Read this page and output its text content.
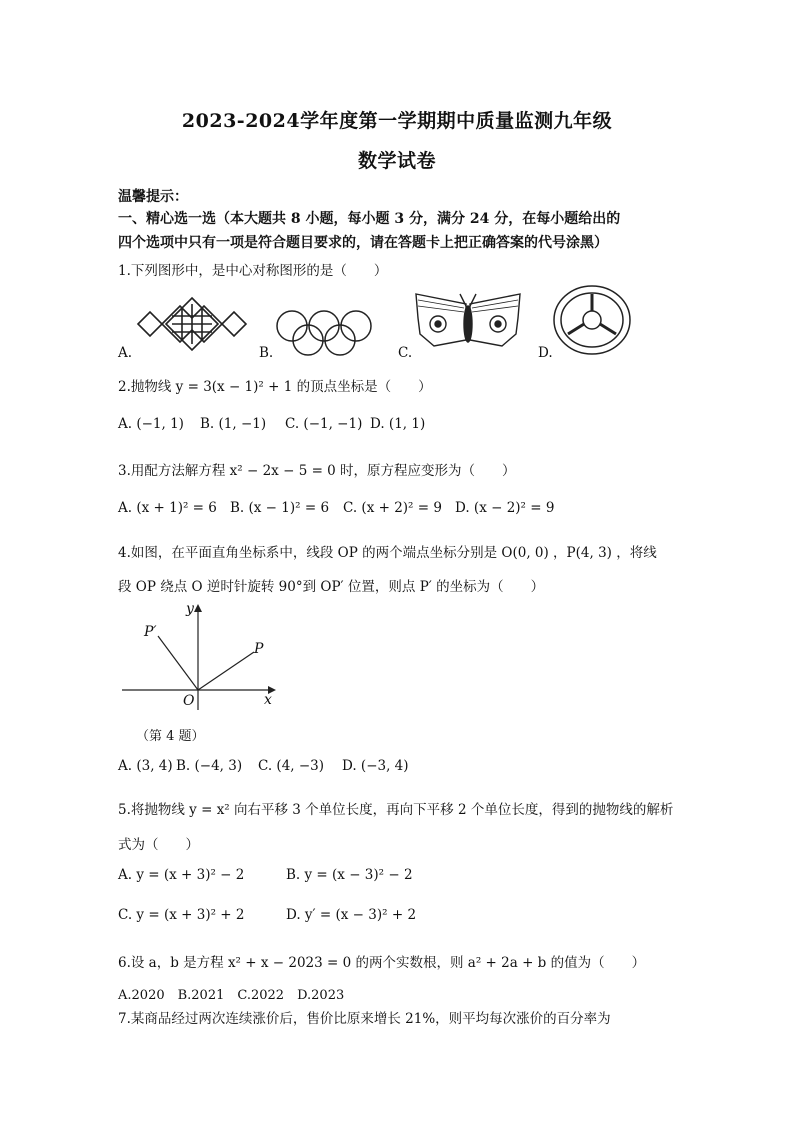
2023-2024学年度第一学期期中质量监测九年级
数学试卷
温馨提示：
一、精心选一选（本大题共 8 小题，每小题 3 分，满分 24 分，在每小题给出的
四个选项中只有一项是符合题目要求的，请在答题卡上把正确答案的代号涂黑）
1.下列图形中，是中心对称图形的是（　　）
A.	B.	C.	D.
2.抛物线 y = 3(x − 1)² + 1 的顶点坐标是（　　）
A. (−1, 1) B. (1, −1) C. (−1, −1) D. (1, 1)
3.用配方法解方程 x² − 2x − 5 = 0 时，原方程应变形为（　　）
A. (x + 1)² = 6 B. (x − 1)² = 6 C. (x + 2)² = 9 D. (x − 2)² = 9
4.如图，在平面直角坐标系中，线段 OP 的两个端点坐标分别是 O(0, 0) ，P(4, 3) ，将线
段 OP 绕点 O 逆时针旋转 90°到 OP′ 位置，则点 P′ 的坐标为（　　）
y
x
O
P
P′
（第 4 题）
A. (3, 4) B. (−4, 3) C. (4, −3) D. (−3, 4)
5.将抛物线 y = x² 向右平移 3 个单位长度，再向下平移 2 个单位长度，得到的抛物线的解析
式为（　　）
A. y = (x + 3)² − 2	B. y = (x − 3)² − 2
C. y = (x + 3)² + 2	D. y′ = (x − 3)² + 2
6.设 a，b 是方程 x² + x − 2023 = 0 的两个实数根，则 a² + 2a + b 的值为（　　）
A.2020　B.2021　C.2022　D.2023
7.某商品经过两次连续涨价后，售价比原来增长 21%，则平均每次涨价的百分率为
